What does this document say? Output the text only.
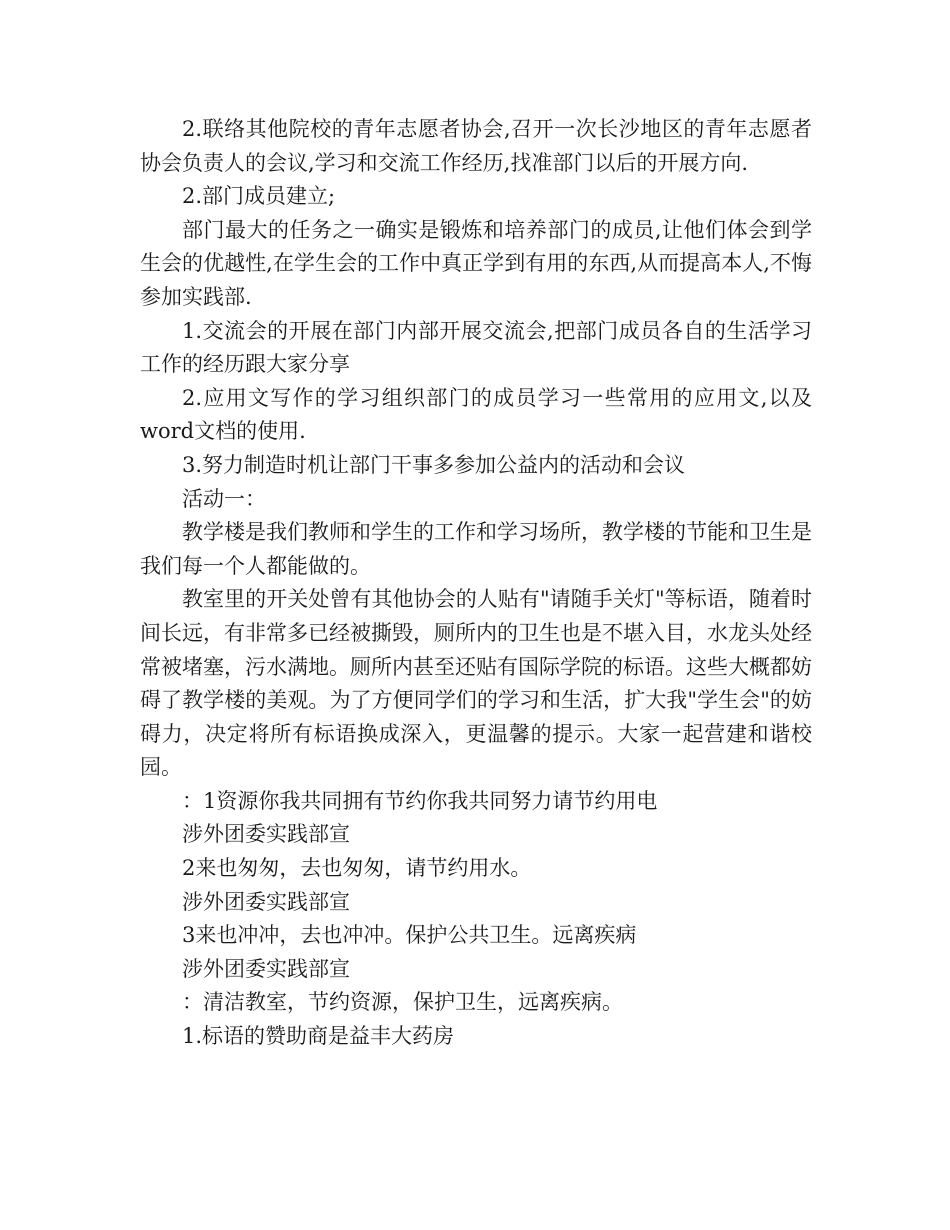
2.联络其他院校的青年志愿者协会,召开一次长沙地区的青年志愿者协会负责人的会议,学习和交流工作经历,找准部门以后的开展方向.

2.部门成员建立;

部门最大的任务之一确实是锻炼和培养部门的成员,让他们体会到学生会的优越性,在学生会的工作中真正学到有用的东西,从而提高本人,不悔参加实践部.

1.交流会的开展在部门内部开展交流会,把部门成员各自的生活学习工作的经历跟大家分享

2.应用文写作的学习组织部门的成员学习一些常用的应用文,以及word文档的使用.

3.努力制造时机让部门干事多参加公益内的活动和会议

活动一：

教学楼是我们教师和学生的工作和学习场所，教学楼的节能和卫生是我们每一个人都能做的。

教室里的开关处曾有其他协会的人贴有"请随手关灯"等标语，随着时间长远，有非常多已经被撕毁，厕所内的卫生也是不堪入目，水龙头处经常被堵塞，污水满地。厕所内甚至还贴有国际学院的标语。这些大概都妨碍了教学楼的美观。为了方便同学们的学习和生活，扩大我"学生会"的妨碍力，决定将所有标语换成深入，更温馨的提示。大家一起营建和谐校园。

：1资源你我共同拥有节约你我共同努力请节约用电

涉外团委实践部宣

2来也匆匆，去也匆匆，请节约用水。

涉外团委实践部宣

3来也冲冲，去也冲冲。保护公共卫生。远离疾病

涉外团委实践部宣

：清洁教室，节约资源，保护卫生，远离疾病。

1.标语的赞助商是益丰大药房
